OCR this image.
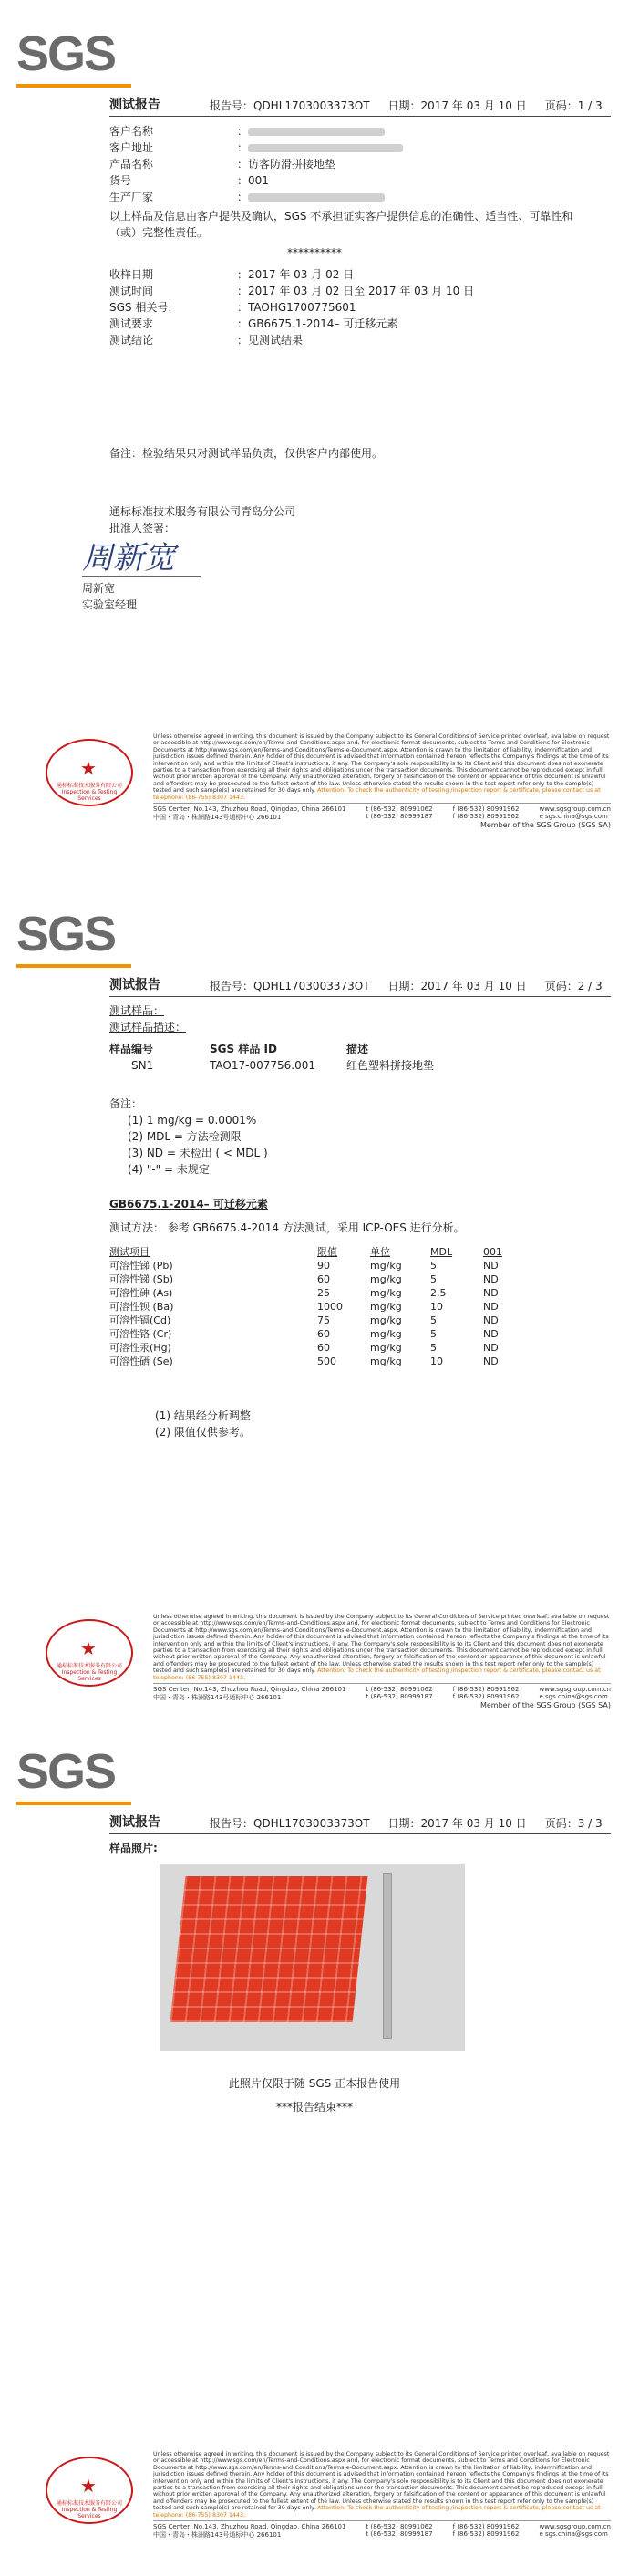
SGS
测试报告	报告号：QDHL1703003373OT 日期：2017 年 03 月 10 日 页码：1 / 3
客户名称	：
客户地址	：
产品名称	：访客防滑拼接地垫
货号	：001
生产厂家	：
以上样品及信息由客户提供及确认，SGS 不承担证实客户提供信息的准确性、适当性、可靠性和（或）完整性责任。
**********
收样日期	：2017 年 03 月 02 日
测试时间	：2017 年 03 月 02 日至 2017 年 03 月 10 日
SGS 相关号:	：TAOHG1700775601
测试要求	：GB6675.1-2014– 可迁移元素
测试结论	：见测试结果
备注：检验结果只对测试样品负责，仅供客户内部使用。
通标标准技术服务有限公司青岛分公司
批准人签署：
周新宽
周新宽
实验室经理
★
通标标准技术服务有限公司 Inspection & Testing Services
Unless otherwise agreed in writing, this document is issued by the Company subject to its General Conditions of Service printed overleaf, available on request or accessible at http://www.sgs.com/en/Terms-and-Conditions.aspx and, for electronic format documents, subject to Terms and Conditions for Electronic Documents at http://www.sgs.com/en/Terms-and-Conditions/Terms-e-Document.aspx. Attention is drawn to the limitation of liability, indemnification and jurisdiction issues defined therein. Any holder of this document is advised that information contained hereon reflects the Company's findings at the time of its intervention only and within the limits of Client's instructions, if any. The Company's sole responsibility is to its Client and this document does not exonerate parties to a transaction from exercising all their rights and obligations under the transaction documents. This document cannot be reproduced except in full, without prior written approval of the Company. Any unauthorized alteration, forgery or falsification of the content or appearance of this document is unlawful and offenders may be prosecuted to the fullest extent of the law. Unless otherwise stated the results shown in this test report refer only to the sample(s) tested and such sample(s) are retained for 30 days only. Attention: To check the authenticity of testing /inspection report & certificate, please contact us at telephone: (86-755) 8307 1443,
SGS Center, No.143, Zhuzhou Road, Qingdao, China 266101
中国・青岛・株洲路143号通标中心 266101
t (86-532) 80991062
t (86-532) 80999187
f (86-532) 80991962
f (86-532) 80991962
www.sgsgroup.com.cn
e sgs.china@sgs.com
Member of the SGS Group (SGS SA)
SGS
测试报告	报告号：QDHL1703003373OT 日期：2017 年 03 月 10 日 页码：2 / 3
测试样品：
测试样品描述：
样品编号	SGS 样品 ID	描述
SN1	TAO17-007756.001	红色塑料拼接地垫
备注：
(1) 1 mg/kg = 0.0001%
(2) MDL = 方法检测限
(3) ND = 未检出 ( < MDL )
(4) "-" = 未规定
GB6675.1-2014– 可迁移元素
测试方法： 参考 GB6675.4-2014 方法测试，采用 ICP-OES 进行分析。
测试项目	限值	单位	MDL	001
可溶性锑 (Pb)	90	mg/kg	5	ND
可溶性锑 (Sb)	60	mg/kg	5	ND
可溶性砷 (As)	25	mg/kg	2.5	ND
可溶性钡 (Ba)	1000	mg/kg	10	ND
可溶性镉(Cd)	75	mg/kg	5	ND
可溶性铬 (Cr)	60	mg/kg	5	ND
可溶性汞(Hg)	60	mg/kg	5	ND
可溶性硒 (Se)	500	mg/kg	10	ND
(1) 结果经分析调整
(2) 限值仅供参考。
★
通标标准技术服务有限公司 Inspection & Testing Services
Unless otherwise agreed in writing, this document is issued by the Company subject to its General Conditions of Service printed overleaf, available on request or accessible at http://www.sgs.com/en/Terms-and-Conditions.aspx and, for electronic format documents, subject to Terms and Conditions for Electronic Documents at http://www.sgs.com/en/Terms-and-Conditions/Terms-e-Document.aspx. Attention is drawn to the limitation of liability, indemnification and jurisdiction issues defined therein. Any holder of this document is advised that information contained hereon reflects the Company's findings at the time of its intervention only and within the limits of Client's instructions, if any. The Company's sole responsibility is to its Client and this document does not exonerate parties to a transaction from exercising all their rights and obligations under the transaction documents. This document cannot be reproduced except in full, without prior written approval of the Company. Any unauthorized alteration, forgery or falsification of the content or appearance of this document is unlawful and offenders may be prosecuted to the fullest extent of the law. Unless otherwise stated the results shown in this test report refer only to the sample(s) tested and such sample(s) are retained for 30 days only. Attention: To check the authenticity of testing /inspection report & certificate, please contact us at telephone: (86-755) 8307 1443,
SGS Center, No.143, Zhuzhou Road, Qingdao, China 266101
中国・青岛・株洲路143号通标中心 266101
t (86-532) 80991062
t (86-532) 80999187
f (86-532) 80991962
f (86-532) 80991962
www.sgsgroup.com.cn
e sgs.china@sgs.com
Member of the SGS Group (SGS SA)
SGS
测试报告	报告号：QDHL1703003373OT 日期：2017 年 03 月 10 日 页码：3 / 3
样品照片:
此照片仅限于随 SGS 正本报告使用
***报告结束***
★
通标标准技术服务有限公司 Inspection & Testing Services
Unless otherwise agreed in writing, this document is issued by the Company subject to its General Conditions of Service printed overleaf, available on request or accessible at http://www.sgs.com/en/Terms-and-Conditions.aspx and, for electronic format documents, subject to Terms and Conditions for Electronic Documents at http://www.sgs.com/en/Terms-and-Conditions/Terms-e-Document.aspx. Attention is drawn to the limitation of liability, indemnification and jurisdiction issues defined therein. Any holder of this document is advised that information contained hereon reflects the Company's findings at the time of its intervention only and within the limits of Client's instructions, if any. The Company's sole responsibility is to its Client and this document does not exonerate parties to a transaction from exercising all their rights and obligations under the transaction documents. This document cannot be reproduced except in full, without prior written approval of the Company. Any unauthorized alteration, forgery or falsification of the content or appearance of this document is unlawful and offenders may be prosecuted to the fullest extent of the law. Unless otherwise stated the results shown in this test report refer only to the sample(s) tested and such sample(s) are retained for 30 days only. Attention: To check the authenticity of testing /inspection report & certificate, please contact us at telephone: (86-755) 8307 1443,
SGS Center, No.143, Zhuzhou Road, Qingdao, China 266101
中国・青岛・株洲路143号通标中心 266101
t (86-532) 80991062
t (86-532) 80999187
f (86-532) 80991962
f (86-532) 80991962
www.sgsgroup.com.cn
e sgs.china@sgs.com
